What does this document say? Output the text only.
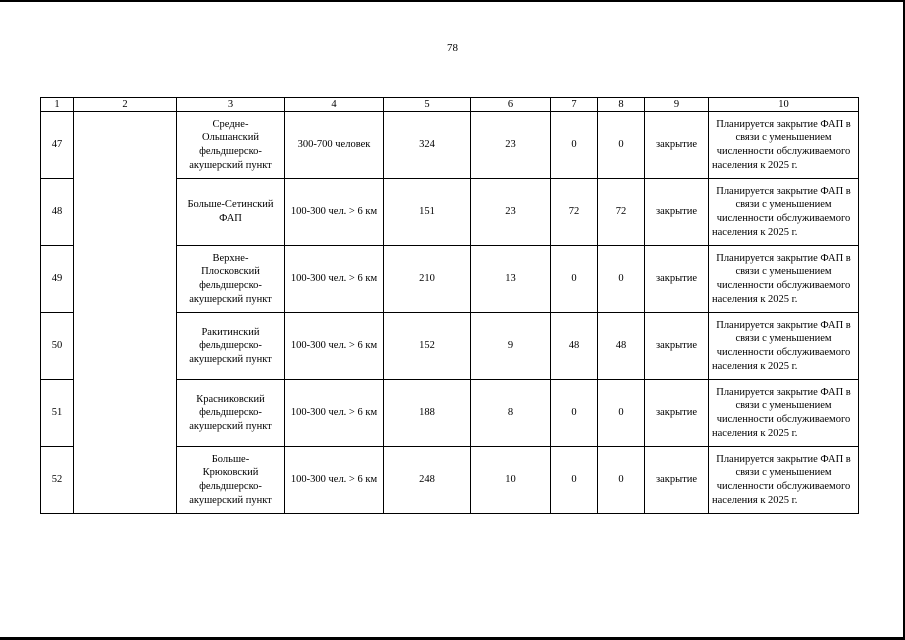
78
1	2	3	4	5	6	7	8	9	10
47		Средне-
Ольшанский
фельдшерско-
акушерский пункт	300-700 человек	324	23	0	0	закрытие	Планируется закрытие ФАП в связи с уменьшением численности обслуживаемого населения к 2025 г.
48		Больше-Сетинский
ФАП	100-300 чел. > 6 км	151	23	72	72	закрытие	Планируется закрытие ФАП в связи с уменьшением численности обслуживаемого населения к 2025 г.
49		Верхне-
Плосковский
фельдшерско-
акушерский пункт	100-300 чел. > 6 км	210	13	0	0	закрытие	Планируется закрытие ФАП в связи с уменьшением численности обслуживаемого населения к 2025 г.
50		Ракитинский
фельдшерско-
акушерский пункт	100-300 чел. > 6 км	152	9	48	48	закрытие	Планируется закрытие ФАП в связи с уменьшением численности обслуживаемого населения к 2025 г.
51		Красниковский
фельдшерско-
акушерский пункт	100-300 чел. > 6 км	188	8	0	0	закрытие	Планируется закрытие ФАП в связи с уменьшением численности обслуживаемого населения к 2025 г.
52		Больше-
Крюковский
фельдшерско-
акушерский пункт	100-300 чел. > 6 км	248	10	0	0	закрытие	Планируется закрытие ФАП в связи с уменьшением численности обслуживаемого населения к 2025 г.
